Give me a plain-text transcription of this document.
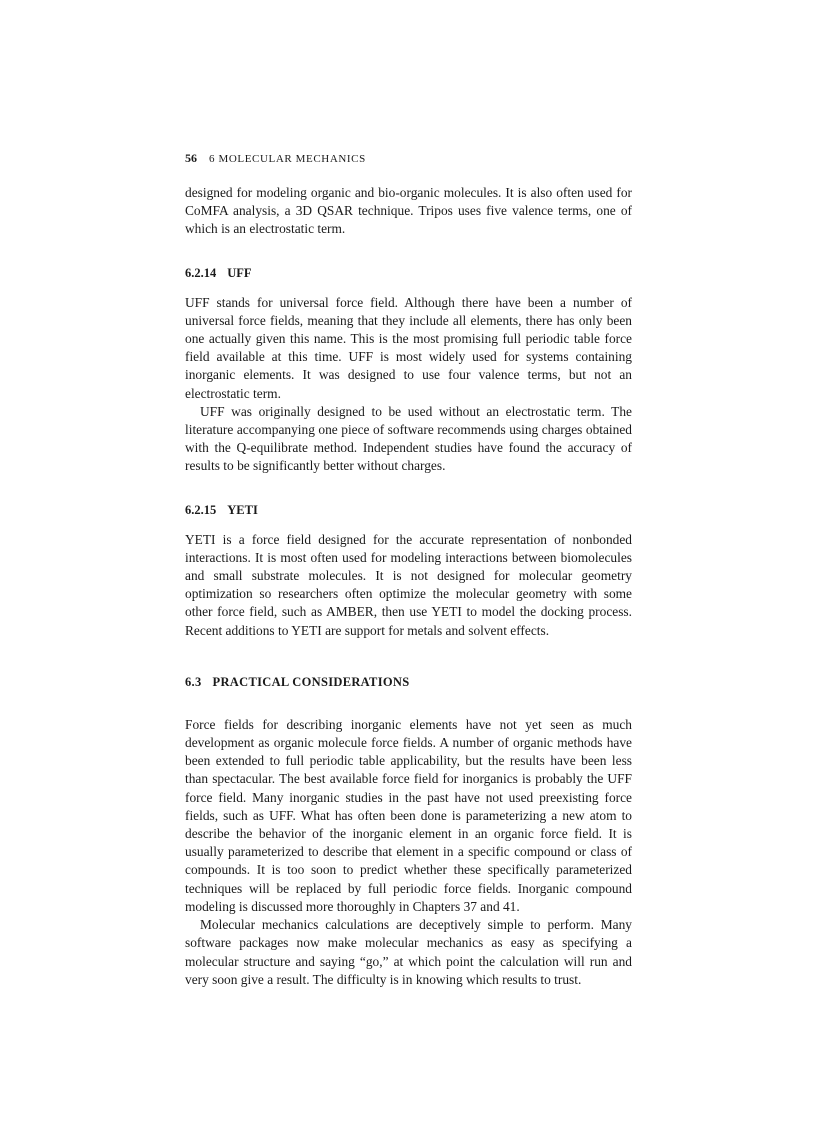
56 6 MOLECULAR MECHANICS

designed for modeling organic and bio-organic molecules. It is also often used for CoMFA analysis, a 3D QSAR technique. Tripos uses five valence terms, one of which is an electrostatic term.

6.2.14 UFF

UFF stands for universal force field. Although there have been a number of universal force fields, meaning that they include all elements, there has only been one actually given this name. This is the most promising full periodic table force field available at this time. UFF is most widely used for systems containing inorganic elements. It was designed to use four valence terms, but not an electrostatic term.

UFF was originally designed to be used without an electrostatic term. The literature accompanying one piece of software recommends using charges obtained with the Q-equilibrate method. Independent studies have found the accuracy of results to be significantly better without charges.

6.2.15 YETI

YETI is a force field designed for the accurate representation of nonbonded interactions. It is most often used for modeling interactions between biomolecules and small substrate molecules. It is not designed for molecular geometry optimization so researchers often optimize the molecular geometry with some other force field, such as AMBER, then use YETI to model the docking process. Recent additions to YETI are support for metals and solvent effects.

6.3 PRACTICAL CONSIDERATIONS

Force fields for describing inorganic elements have not yet seen as much development as organic molecule force fields. A number of organic methods have been extended to full periodic table applicability, but the results have been less than spectacular. The best available force field for inorganics is probably the UFF force field. Many inorganic studies in the past have not used preexisting force fields, such as UFF. What has often been done is parameterizing a new atom to describe the behavior of the inorganic element in an organic force field. It is usually parameterized to describe that element in a specific compound or class of compounds. It is too soon to predict whether these specifically parameterized techniques will be replaced by full periodic force fields. Inorganic compound modeling is discussed more thoroughly in Chapters 37 and 41.

Molecular mechanics calculations are deceptively simple to perform. Many software packages now make molecular mechanics as easy as specifying a molecular structure and saying “go,” at which point the calculation will run and very soon give a result. The difficulty is in knowing which results to trust.
